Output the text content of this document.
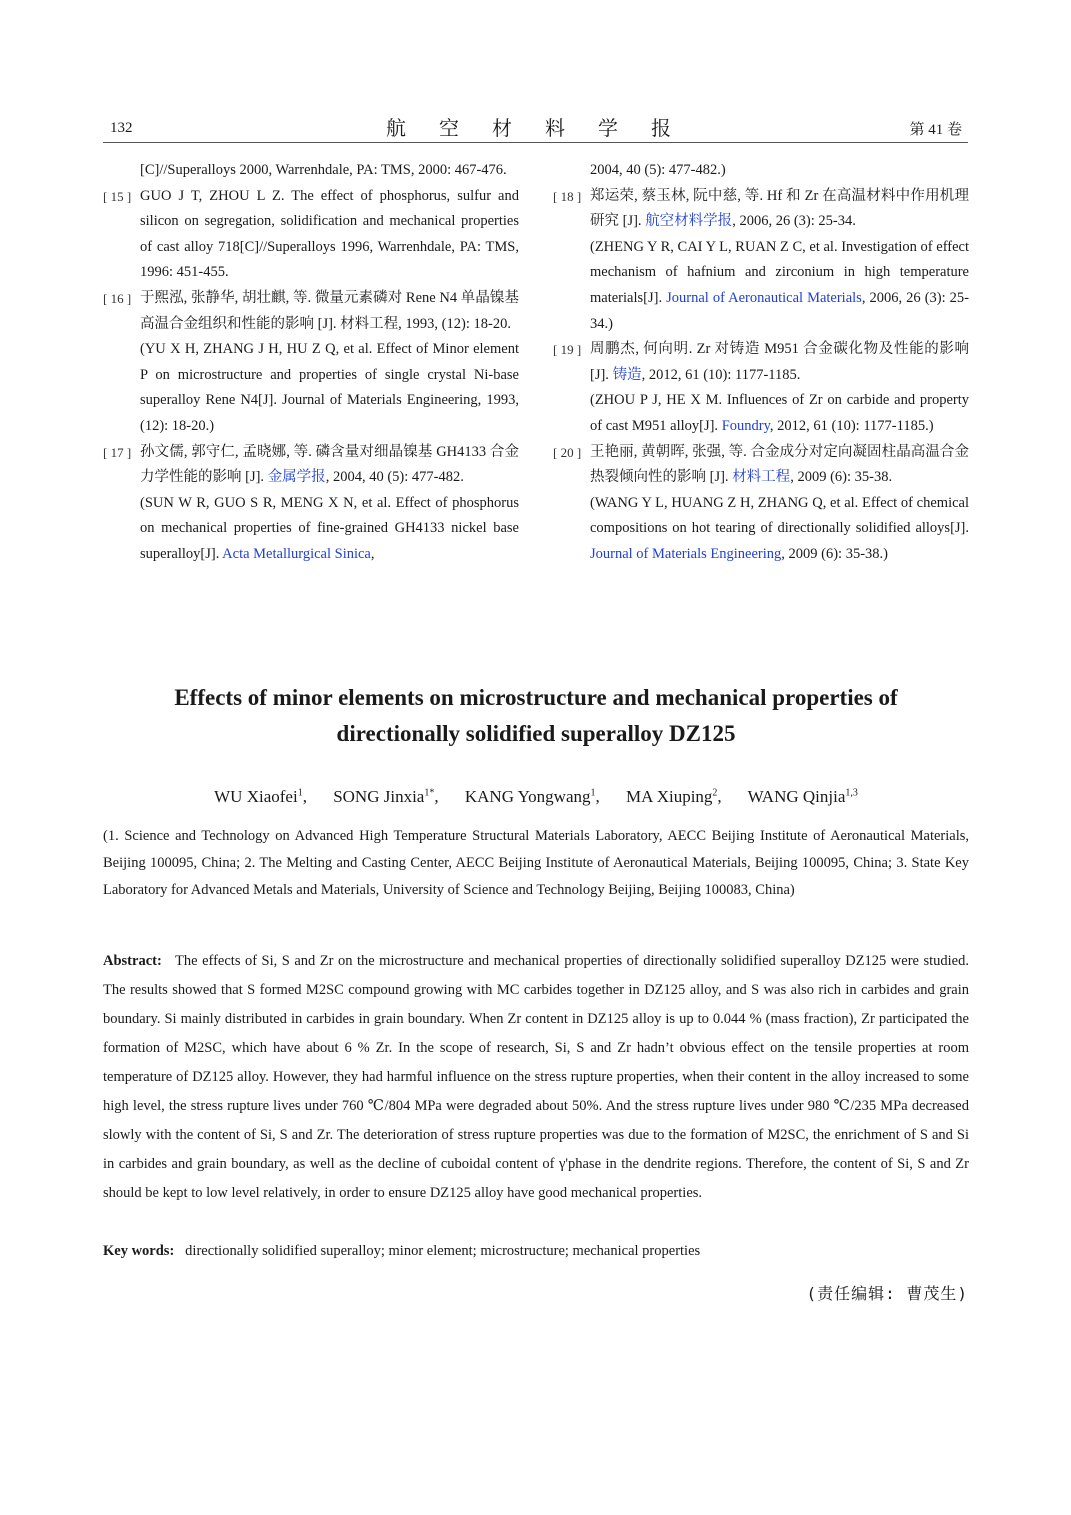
132	航 空 材 料 学 报	第 41 卷
[C]//Superalloys 2000, Warrenhdale, PA: TMS, 2000: 467-476.
[ 15 ] GUO J T, ZHOU L Z. The effect of phosphorus, sulfur and silicon on segregation, solidification and mechanical properties of cast alloy 718[C]//Superalloys 1996, Warrenhdale, PA: TMS, 1996: 451-455.
[ 16 ] 于熙泓, 张静华, 胡壮麒, 等. 微量元素磷对 Rene N4 单晶镍基高温合金组织和性能的影响 [J]. 材料工程, 1993, (12): 18-20.
(YU X H, ZHANG J H, HU Z Q, et al. Effect of Minor element P on microstructure and properties of single crystal Ni-base superalloy Rene N4[J]. Journal of Materials Engineering, 1993, (12): 18-20.)
[ 17 ] 孙文儒, 郭守仁, 孟晓娜, 等. 磷含量对细晶镍基 GH4133 合金力学性能的影响 [J]. 金属学报, 2004, 40 (5): 477-482.
(SUN W R, GUO S R, MENG X N, et al. Effect of phosphorus on mechanical properties of fine-grained GH4133 nickel base superalloy[J]. Acta Metallurgical Sinica,
2004, 40 (5): 477-482.)
[ 18 ] 郑运荣, 蔡玉林, 阮中慈, 等. Hf 和 Zr 在高温材料中作用机理研究 [J]. 航空材料学报, 2006, 26 (3): 25-34.
(ZHENG Y R, CAI Y L, RUAN Z C, et al. Investigation of effect mechanism of hafnium and zirconium in high temperature materials[J]. Journal of Aeronautical Materials, 2006, 26 (3): 25-34.)
[ 19 ] 周鹏杰, 何向明. Zr 对铸造 M951 合金碳化物及性能的影响 [J]. 铸造, 2012, 61 (10): 1177-1185.
(ZHOU P J, HE X M. Influences of Zr on carbide and property of cast M951 alloy[J]. Foundry, 2012, 61 (10): 1177-1185.)
[ 20 ] 王艳丽, 黄朝晖, 张强, 等. 合金成分对定向凝固柱晶高温合金热裂倾向性的影响 [J]. 材料工程, 2009 (6): 35-38.
(WANG Y L, HUANG Z H, ZHANG Q, et al. Effect of chemical compositions on hot tearing of directionally solidified alloys[J]. Journal of Materials Engineering, 2009 (6): 35-38.)
Effects of minor elements on microstructure and mechanical properties of
directionally solidified superalloy DZ125
WU Xiaofei$^1$, SONG Jinxia$^{1*}$, KANG Yongwang$^1$, MA Xiuping$^2$, WANG Qinjia$^{1,3}$
(1. Science and Technology on Advanced High Temperature Structural Materials Laboratory, AECC Beijing Institute of Aeronautical Materials, Beijing 100095, China; 2. The Melting and Casting Center, AECC Beijing Institute of Aeronautical Materials, Beijing 100095, China; 3. State Key Laboratory for Advanced Metals and Materials, University of Science and Technology Beijing, Beijing 100083, China)
Abstract: The effects of Si, S and Zr on the microstructure and mechanical properties of directionally solidified superalloy DZ125 were studied. The results showed that S formed M2SC compound growing with MC carbides together in DZ125 alloy, and S was also rich in carbides and grain boundary. Si mainly distributed in carbides in grain boundary. When Zr content in DZ125 alloy is up to 0.044 % (mass fraction), Zr participated the formation of M2SC, which have about 6 % Zr. In the scope of research, Si, S and Zr hadn’t obvious effect on the tensile properties at room temperature of DZ125 alloy. However, they had harmful influence on the stress rupture properties, when their content in the alloy increased to some high level, the stress rupture lives under 760 ℃/804 MPa were degraded about 50%. And the stress rupture lives under 980 ℃/235 MPa decreased slowly with the content of Si, S and Zr. The deterioration of stress rupture properties was due to the formation of M2SC, the enrichment of S and Si in carbides and grain boundary, as well as the decline of cuboidal content of γ'phase in the dendrite regions. Therefore, the content of Si, S and Zr should be kept to low level relatively, in order to ensure DZ125 alloy have good mechanical properties.
Key words: directionally solidified superalloy; minor element; microstructure; mechanical properties
(责任编辑: 曹茂生)
